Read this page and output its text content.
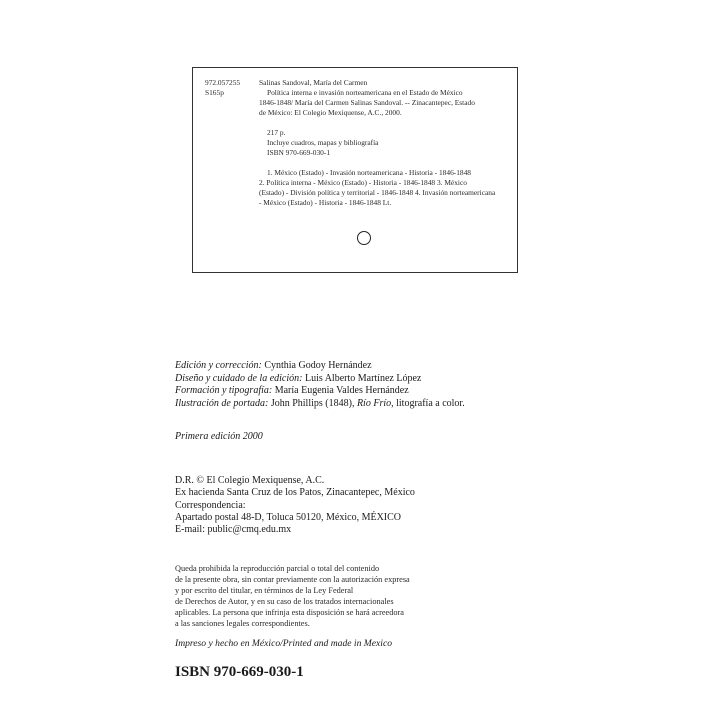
972.057255
S165p
Salinas Sandoval, María del Carmen
Política interna e invasión norteamericana en el Estado de México
1846-1848/ María del Carmen Salinas Sandoval. -- Zinacantepec, Estado
de México: El Colegio Mexiquense, A.C., 2000.
217 p.
Incluye cuadros, mapas y bibliografía
ISBN 970-669-030-1
1. México (Estado) - Invasión norteamericana - Historia - 1846-1848
2. Política interna - México (Estado) - Historia - 1846-1848 3. México
(Estado) - División política y territorial - 1846-1848 4. Invasión norteamericana
- México (Estado) - Historia - 1846-1848 Lt.
Edición y corrección: Cynthia Godoy Hernández
Diseño y cuidado de la edición: Luis Alberto Martínez López
Formación y tipografía: María Eugenia Valdes Hernández
Ilustración de portada: John Phillips (1848), Río Frío, litografía a color.
Primera edición 2000
D.R. © El Colegio Mexiquense, A.C.
Ex hacienda Santa Cruz de los Patos, Zinacantepec, México
Correspondencia:
Apartado postal 48-D, Toluca 50120, México, MÉXICO
E-mail: public@cmq.edu.mx
Queda prohibida la reproducción parcial o total del contenido
de la presente obra, sin contar previamente con la autorización expresa
y por escrito del titular, en términos de la Ley Federal
de Derechos de Autor, y en su caso de los tratados internacionales
aplicables. La persona que infrinja esta disposición se hará acreedora
a las sanciones legales correspondientes.
Impreso y hecho en México/Printed and made in Mexico
ISBN 970-669-030-1
